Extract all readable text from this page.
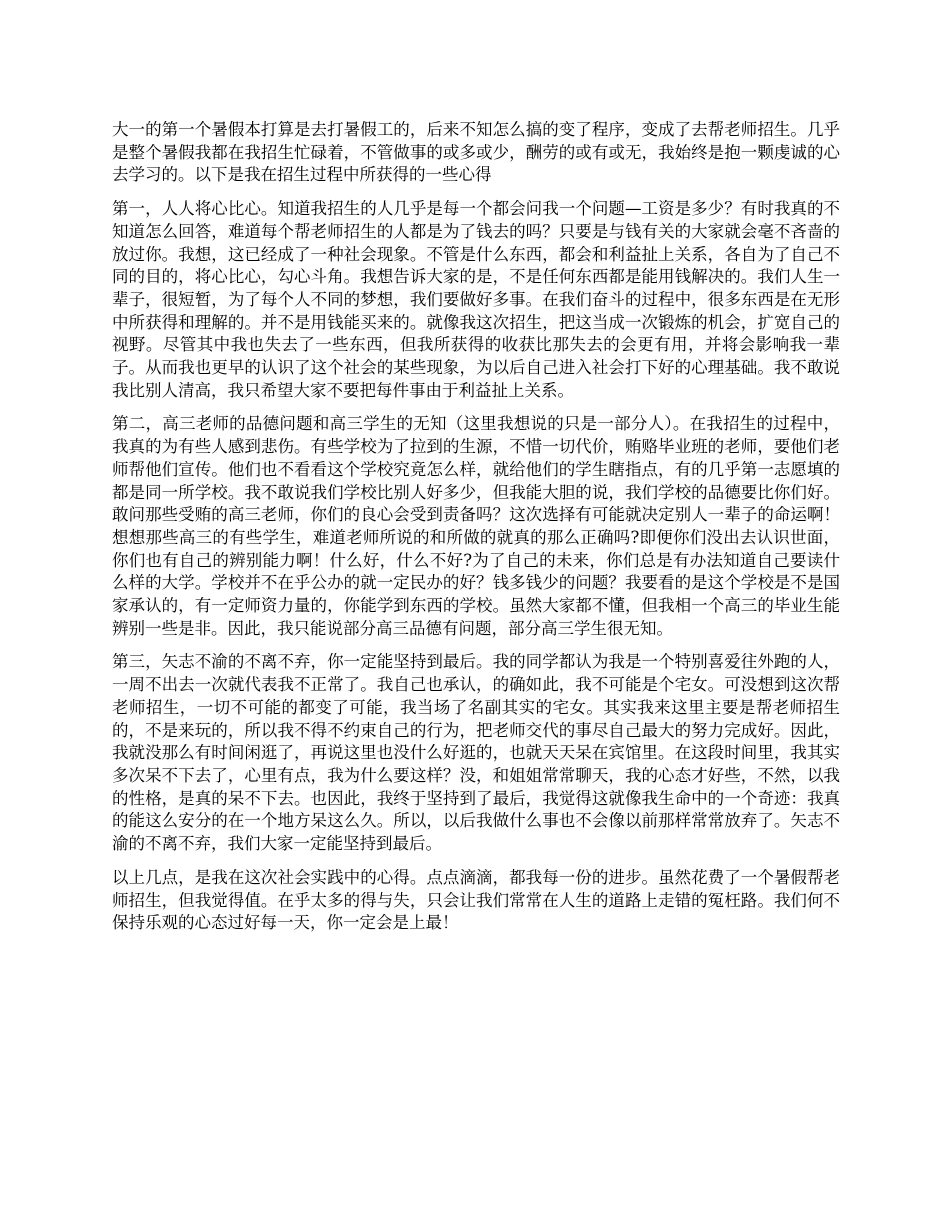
大一的第一个暑假本打算是去打暑假工的，后来不知怎么搞的变了程序，变成了去帮老师招生。几乎是整个暑假我都在我招生忙碌着，不管做事的或多或少，酬劳的或有或无，我始终是抱一颗虔诚的心去学习的。以下是我在招生过程中所获得的一些心得

第一，人人将心比心。知道我招生的人几乎是每一个都会问我一个问题—工资是多少？有时我真的不知道怎么回答，难道每个帮老师招生的人都是为了钱去的吗？只要是与钱有关的大家就会毫不吝啬的放过你。我想，这已经成了一种社会现象。不管是什么东西，都会和利益扯上关系，各自为了自己不同的目的，将心比心，勾心斗角。我想告诉大家的是，不是任何东西都是能用钱解决的。我们人生一辈子，很短暂，为了每个人不同的梦想，我们要做好多事。在我们奋斗的过程中，很多东西是在无形中所获得和理解的。并不是用钱能买来的。就像我这次招生，把这当成一次锻炼的机会，扩宽自己的视野。尽管其中我也失去了一些东西，但我所获得的收获比那失去的会更有用，并将会影响我一辈子。从而我也更早的认识了这个社会的某些现象，为以后自己进入社会打下好的心理基础。我不敢说我比别人清高，我只希望大家不要把每件事由于利益扯上关系。

第二，高三老师的品德问题和高三学生的无知（这里我想说的只是一部分人）。在我招生的过程中，我真的为有些人感到悲伤。有些学校为了拉到的生源，不惜一切代价，贿赂毕业班的老师，要他们老师帮他们宣传。他们也不看看这个学校究竟怎么样，就给他们的学生瞎指点，有的几乎第一志愿填的都是同一所学校。我不敢说我们学校比别人好多少，但我能大胆的说，我们学校的品德要比你们好。敢问那些受贿的高三老师，你们的良心会受到责备吗？这次选择有可能就决定别人一辈子的命运啊！想想那些高三的有些学生，难道老师所说的和所做的就真的那么正确吗?即便你们没出去认识世面，你们也有自己的辨别能力啊！什么好，什么不好?为了自己的未来，你们总是有办法知道自己要读什么样的大学。学校并不在乎公办的就一定民办的好？钱多钱少的问题？我要看的是这个学校是不是国家承认的，有一定师资力量的，你能学到东西的学校。虽然大家都不懂，但我相一个高三的毕业生能辨别一些是非。因此，我只能说部分高三品德有问题，部分高三学生很无知。

第三，矢志不渝的不离不弃，你一定能坚持到最后。我的同学都认为我是一个特别喜爱往外跑的人，一周不出去一次就代表我不正常了。我自己也承认，的确如此，我不可能是个宅女。可没想到这次帮老师招生，一切不可能的都变了可能，我当场了名副其实的宅女。其实我来这里主要是帮老师招生的，不是来玩的，所以我不得不约束自己的行为，把老师交代的事尽自己最大的努力完成好。因此，我就没那么有时间闲逛了，再说这里也没什么好逛的，也就天天呆在宾馆里。在这段时间里，我其实多次呆不下去了，心里有点，我为什么要这样？没，和姐姐常常聊天，我的心态才好些，不然，以我的性格，是真的呆不下去。也因此，我终于坚持到了最后，我觉得这就像我生命中的一个奇迹：我真的能这么安分的在一个地方呆这么久。所以，以后我做什么事也不会像以前那样常常放弃了。矢志不渝的不离不弃，我们大家一定能坚持到最后。

以上几点，是我在这次社会实践中的心得。点点滴滴，都我每一份的进步。虽然花费了一个暑假帮老师招生，但我觉得值。在乎太多的得与失，只会让我们常常在人生的道路上走错的冤枉路。我们何不保持乐观的心态过好每一天，你一定会是上最！
